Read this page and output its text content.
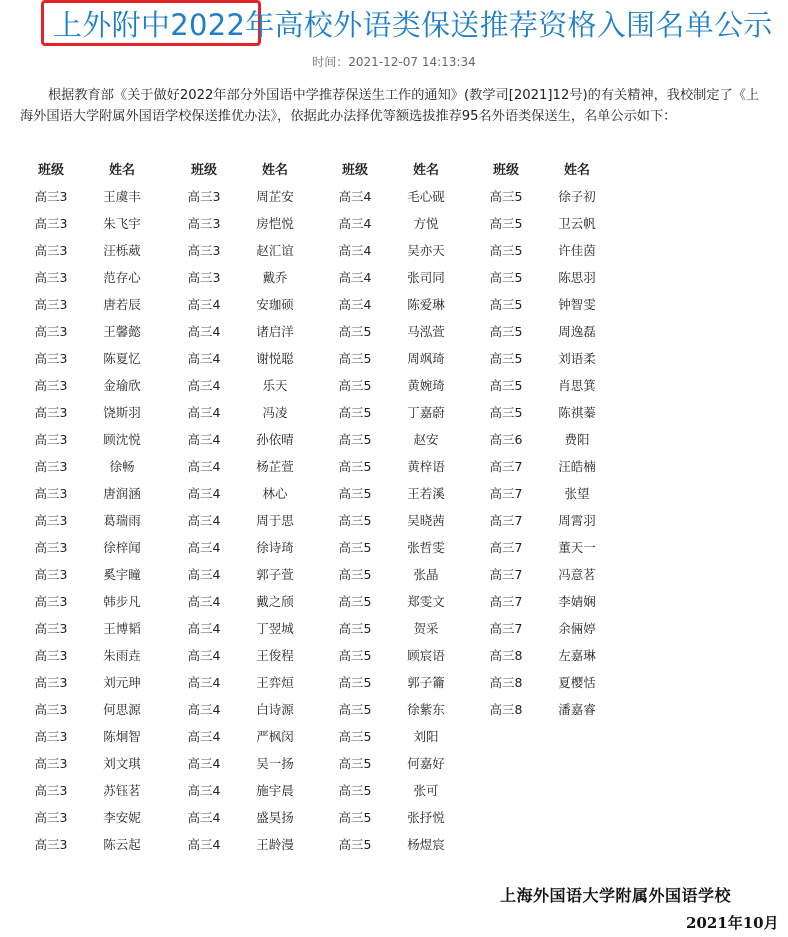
上外附中2022年高校外语类保送推荐资格入围名单公示
时间：2021-12-07 14:13:34

根据教育部《关于做好2022年部分外国语中学推荐保送生工作的通知》(教学司[2021]12号)的有关精神，我校制定了《上海外国语大学附属外国语学校保送推优办法》，依据此办法择优等额选拔推荐95名外语类保送生，名单公示如下：

班级	姓名
高三3	王虞丰
高三3	朱飞宇
高三3	汪栎葳
高三3	范存心
高三3	唐若辰
高三3	王馨懿
高三3	陈夏忆
高三3	金瑜欣
高三3	饶斯羽
高三3	顾沈悦
高三3	徐畅
高三3	唐润涵
高三3	葛瑞雨
高三3	徐梓闻
高三3	奚宇瞳
高三3	韩步凡
高三3	王博韬
高三3	朱雨垚
高三3	刘元珅
高三3	何思源
高三3	陈炯智
高三3	刘文琪
高三3	苏钰茗
高三3	李安妮
高三3	陈云起
班级	姓名
高三3	周芷安
高三3	房恺悦
高三3	赵汇谊
高三3	戴乔
高三4	安珈硕
高三4	诸启洋
高三4	谢悦聪
高三4	乐天
高三4	冯凌
高三4	孙依晴
高三4	杨芷萱
高三4	林心
高三4	周于思
高三4	徐诗琦
高三4	郭子萱
高三4	戴之颀
高三4	丁翌城
高三4	王俊程
高三4	王弈烜
高三4	白诗源
高三4	严枫闵
高三4	吴一扬
高三4	施宇晨
高三4	盛昊扬
高三4	王龄漫
班级	姓名
高三4	毛心砚
高三4	方悦
高三4	吴亦天
高三4	张司同
高三4	陈爱琳
高三5	马泓萱
高三5	周飒琦
高三5	黄婉琦
高三5	丁嘉蔚
高三5	赵安
高三5	黄梓语
高三5	王若溪
高三5	吴晓茜
高三5	张哲雯
高三5	张晶
高三5	郑雯文
高三5	贺采
高三5	顾宸语
高三5	郭子籥
高三5	徐紫东
高三5	刘阳
高三5	何嘉好
高三5	张可
高三5	张抒悦
高三5	杨煜宸
班级	姓名
高三5	徐子初
高三5	卫云帆
高三5	许佳茵
高三5	陈思羽
高三5	钟智雯
高三5	周逸磊
高三5	刘语柔
高三5	肖思箕
高三5	陈祺蓁
高三6	费阳
高三7	汪皓楠
高三7	张望
高三7	周霄羽
高三7	董天一
高三7	冯意茗
高三7	李婧娴
高三7	余倆婷
高三8	左嘉琳
高三8	夏樱恬
高三8	潘嘉睿
上海外国语大学附属外国语学校
2021年10月
